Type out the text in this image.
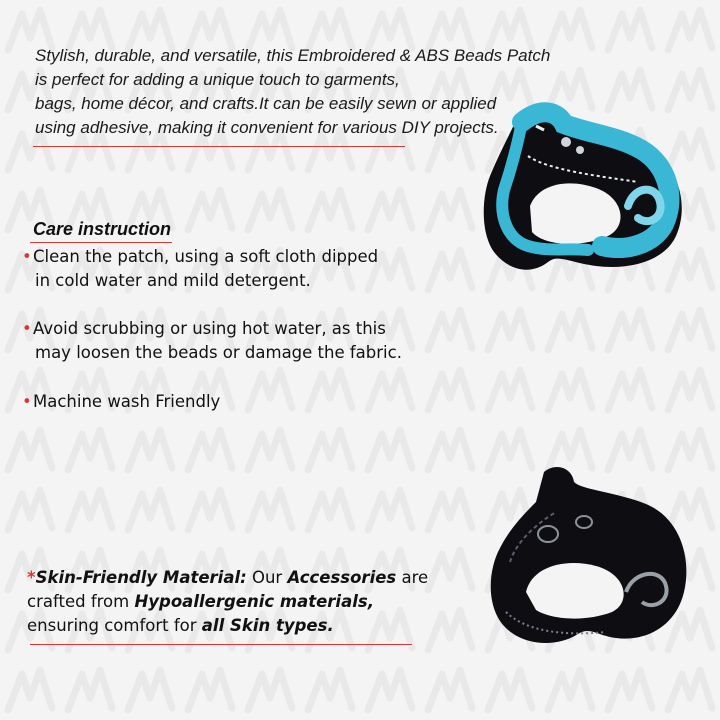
Stylish, durable, and versatile, this Embroidered & ABS Beads Patch

is perfect for adding a unique touch to garments,

bags, home décor, and crafts.It can be easily sewn or applied

using adhesive, making it convenient for various DIY projects.

Care instruction
•Clean the patch, using a soft cloth dipped
in cold water and mild detergent.
•Avoid scrubbing or using hot water, as this
may loosen the beads or damage the fabric.
•Machine wash Friendly
*Skin-Friendly Material: Our Accessories are
crafted from Hypoallergenic materials,
ensuring comfort for all Skin types.
